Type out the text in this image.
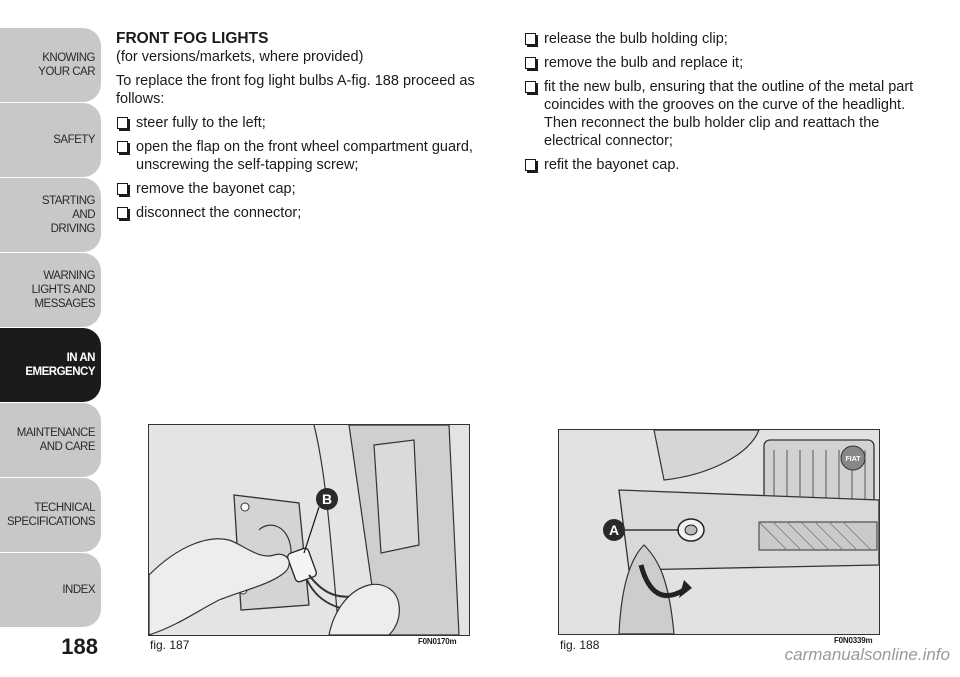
KNOWING
YOUR CAR
SAFETY
STARTING
AND
DRIVING
WARNING
LIGHTS AND
MESSAGES
IN AN
EMERGENCY
MAINTENANCE
AND CARE
TECHNICAL
SPECIFICATIONS
INDEX
188

FRONT FOG LIGHTS

(for versions/markets, where provided)

To replace the front fog light bulbs A-fig. 188 proceed as follows:

steer fully to the left;
open the flap on the front wheel compartment guard, unscrewing the self-tapping screw;
remove the bayonet cap;
disconnect the connector;
release the bulb holding clip;
remove the bulb and replace it;
fit the new bulb, ensuring that the outline of the metal part coincides with the grooves on the curve of the headlight. Then reconnect the bulb holder clip and reattach the electrical connector;
refit the bayonet cap.
B
fig. 187	F0N0170m
A
FIAT
fig. 188	F0N0339m
carmanualsonline.info
